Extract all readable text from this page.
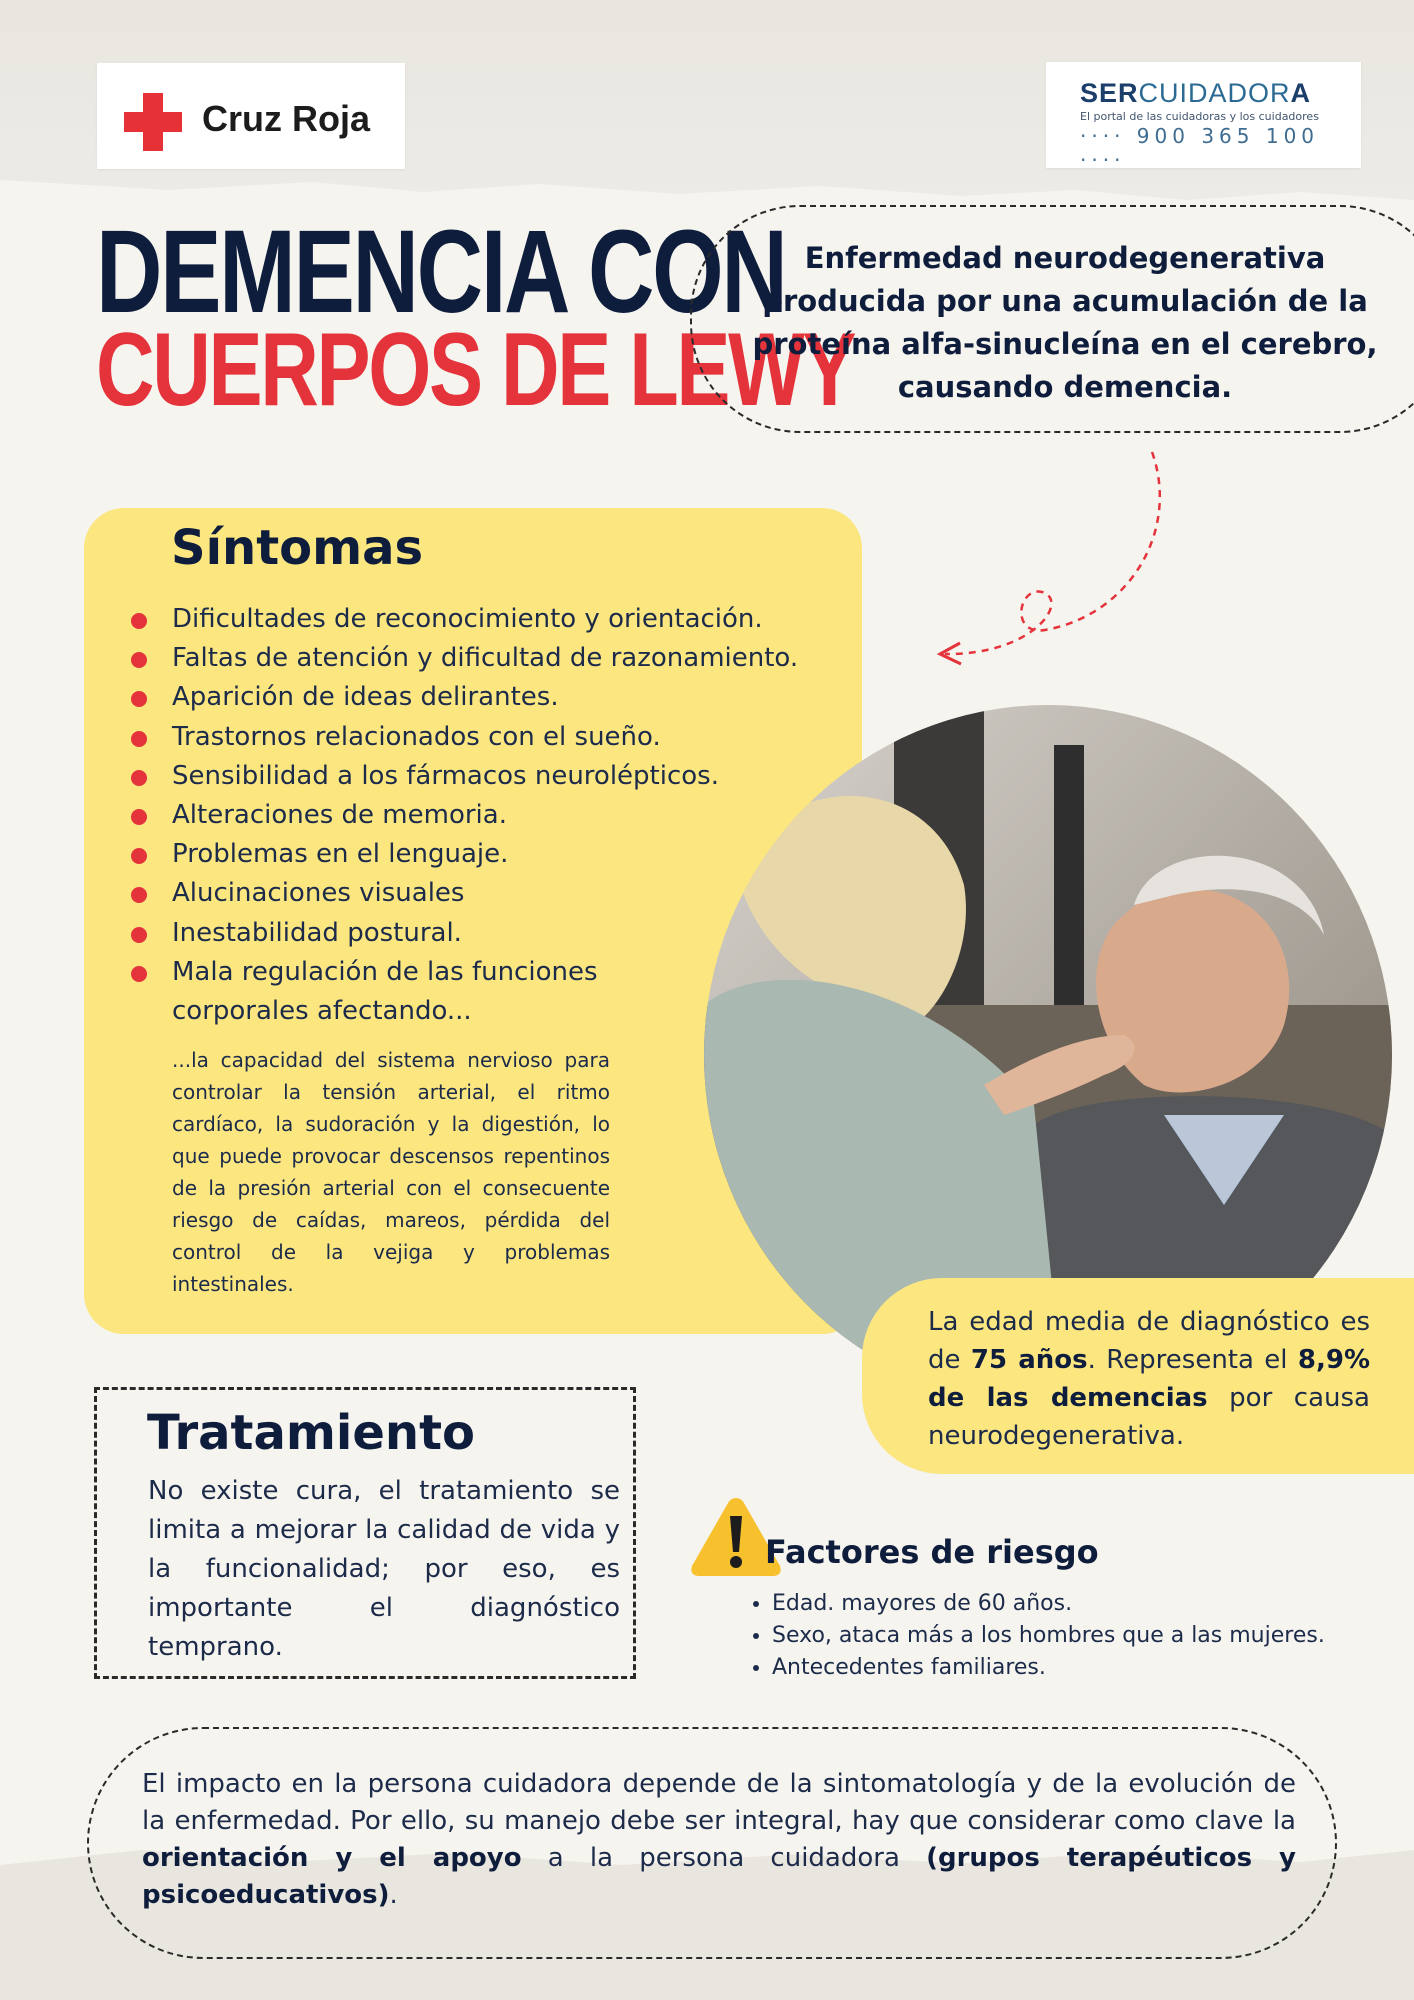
Cruz Roja
SERCUIDADORA
El portal de las cuidadoras y los cuidadores
···· 900 365 100 ····
DEMENCIA CON
CUERPOS DE LEWY
Enfermedad neurodegenerativa producida por una acumulación de la proteína alfa-sinucleína en el cerebro, causando demencia.
Síntomas
Dificultades de reconocimiento y orientación.
Faltas de atención y dificultad de razonamiento.
Aparición de ideas delirantes.
Trastornos relacionados con el sueño.
Sensibilidad a los fármacos neurolépticos.
Alteraciones de memoria.
Problemas en el lenguaje.
Alucinaciones visuales
Inestabilidad postural.
Mala regulación de las funciones
corporales afectando...
...la capacidad del sistema nervioso para controlar la tensión arterial, el ritmo cardíaco, la sudoración y la digestión, lo que puede provocar descensos repentinos de la presión arterial con el consecuente riesgo de caídas, mareos, pérdida del control de la vejiga y problemas intestinales.
La edad media de diagnóstico es de 75 años. Representa el 8,9% de las demencias por causa neurodegenerativa.
Tratamiento
No existe cura, el tratamiento se limita a mejorar la calidad de vida y la funcionalidad; por eso, es importante el diagnóstico temprano.
Factores de riesgo
• Edad. mayores de 60 años.
• Sexo, ataca más a los hombres que a las mujeres.
• Antecedentes familiares.
El impacto en la persona cuidadora depende de la sintomatología y de la evolución de la enfermedad. Por ello, su manejo debe ser integral, hay que considerar como clave la orientación y el apoyo a la persona cuidadora (grupos terapéuticos y psicoeducativos).
